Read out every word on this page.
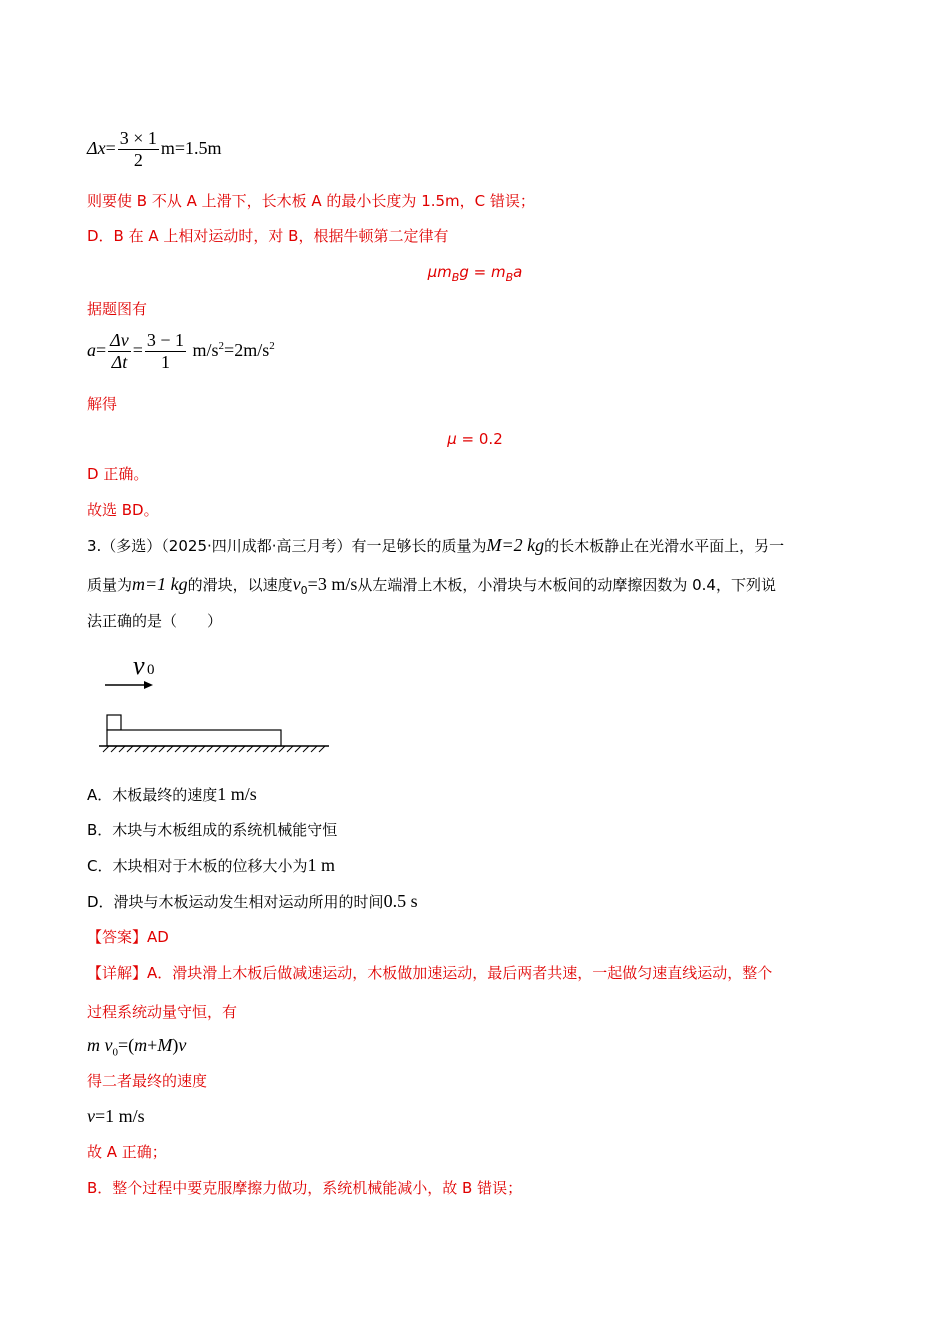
$\Delta x= \frac{3 \times 1}{2} m=1.5m$
则要使 B 不从 A 上滑下，长木板 A 的最小长度为 1.5m，C 错误；
D．B 在 A 上相对运动时，对 B，根据牛顿第二定律有
$\mu m_Bg = m_Ba$
据题图有
$a= \frac{\Delta v}{\Delta t} = \frac{3 - 1}{1} m/s^2=2m/s^2$
解得
μ = 0.2
D 正确。
故选 BD。
3.（多选）（2025·四川成都·高三月考）有一足够长的质量为M=2 kg的长木板静止在光滑水平面上，另一
质量为m=1 kg的滑块，以速度$v_0=3$ m/s从左端滑上木板，小滑块与木板间的动摩擦因数为 0.4，下列说
法正确的是（　　）
v 0
A．木板最终的速度1 m/s
B．木块与木板组成的系统机械能守恒
C．木块相对于木板的位移大小为1 m
D．滑块与木板运动发生相对运动所用的时间0.5 s
【答案】AD
【详解】A．滑块滑上木板后做减速运动，木板做加速运动，最后两者共速，一起做匀速直线运动，整个
过程系统动量守恒，有
m $v_0=(m+M)v$
得二者最终的速度
v=1 m/s
故 A 正确；
B．整个过程中要克服摩擦力做功，系统机械能减小，故 B 错误；
